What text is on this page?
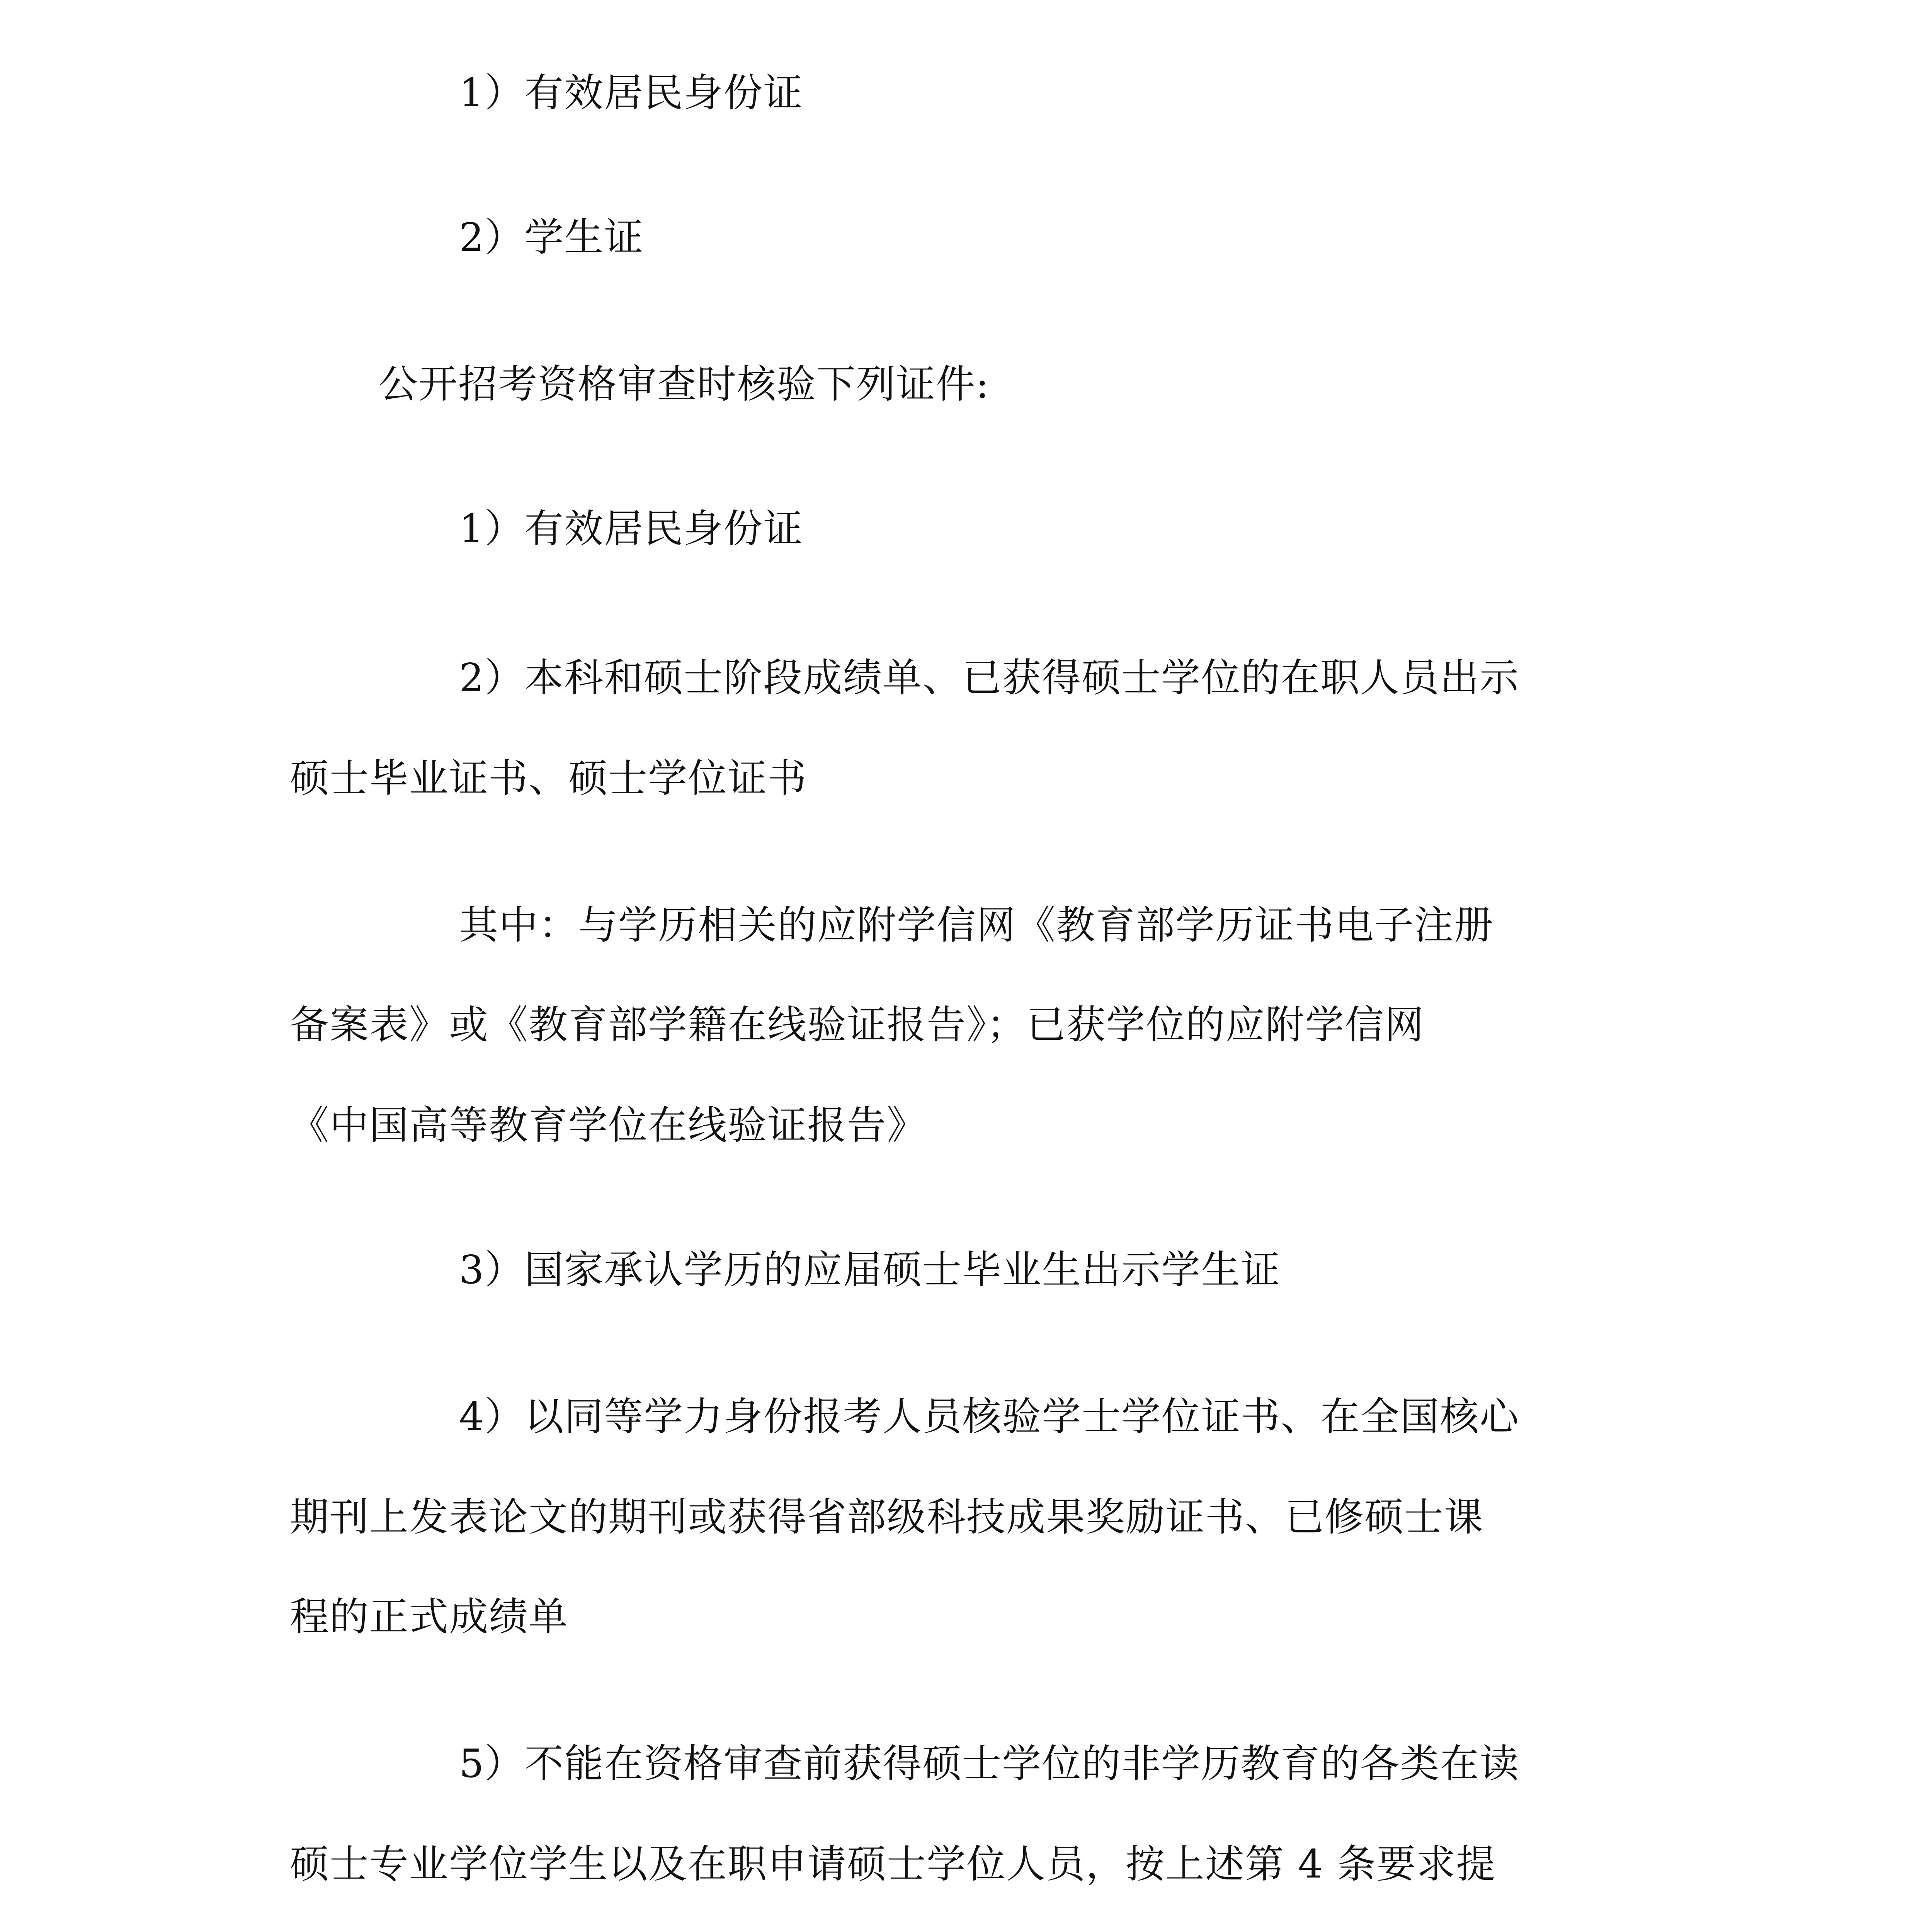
1）有效居民身份证
2）学生证
公开招考资格审查时核验下列证件:
1）有效居民身份证
2）本科和硕士阶段成绩单、已获得硕士学位的在职人员出示
硕士毕业证书、硕士学位证书
其中：与学历相关的应附学信网《教育部学历证书电子注册
备案表》或《教育部学籍在线验证报告》；已获学位的应附学信网
《中国高等教育学位在线验证报告》
3）国家承认学历的应届硕士毕业生出示学生证
4）以同等学力身份报考人员核验学士学位证书、在全国核心
期刊上发表论文的期刊或获得省部级科技成果奖励证书、已修硕士课
程的正式成绩单
5）不能在资格审查前获得硕士学位的非学历教育的各类在读
硕士专业学位学生以及在职申请硕士学位人员，按上述第 4 条要求提
